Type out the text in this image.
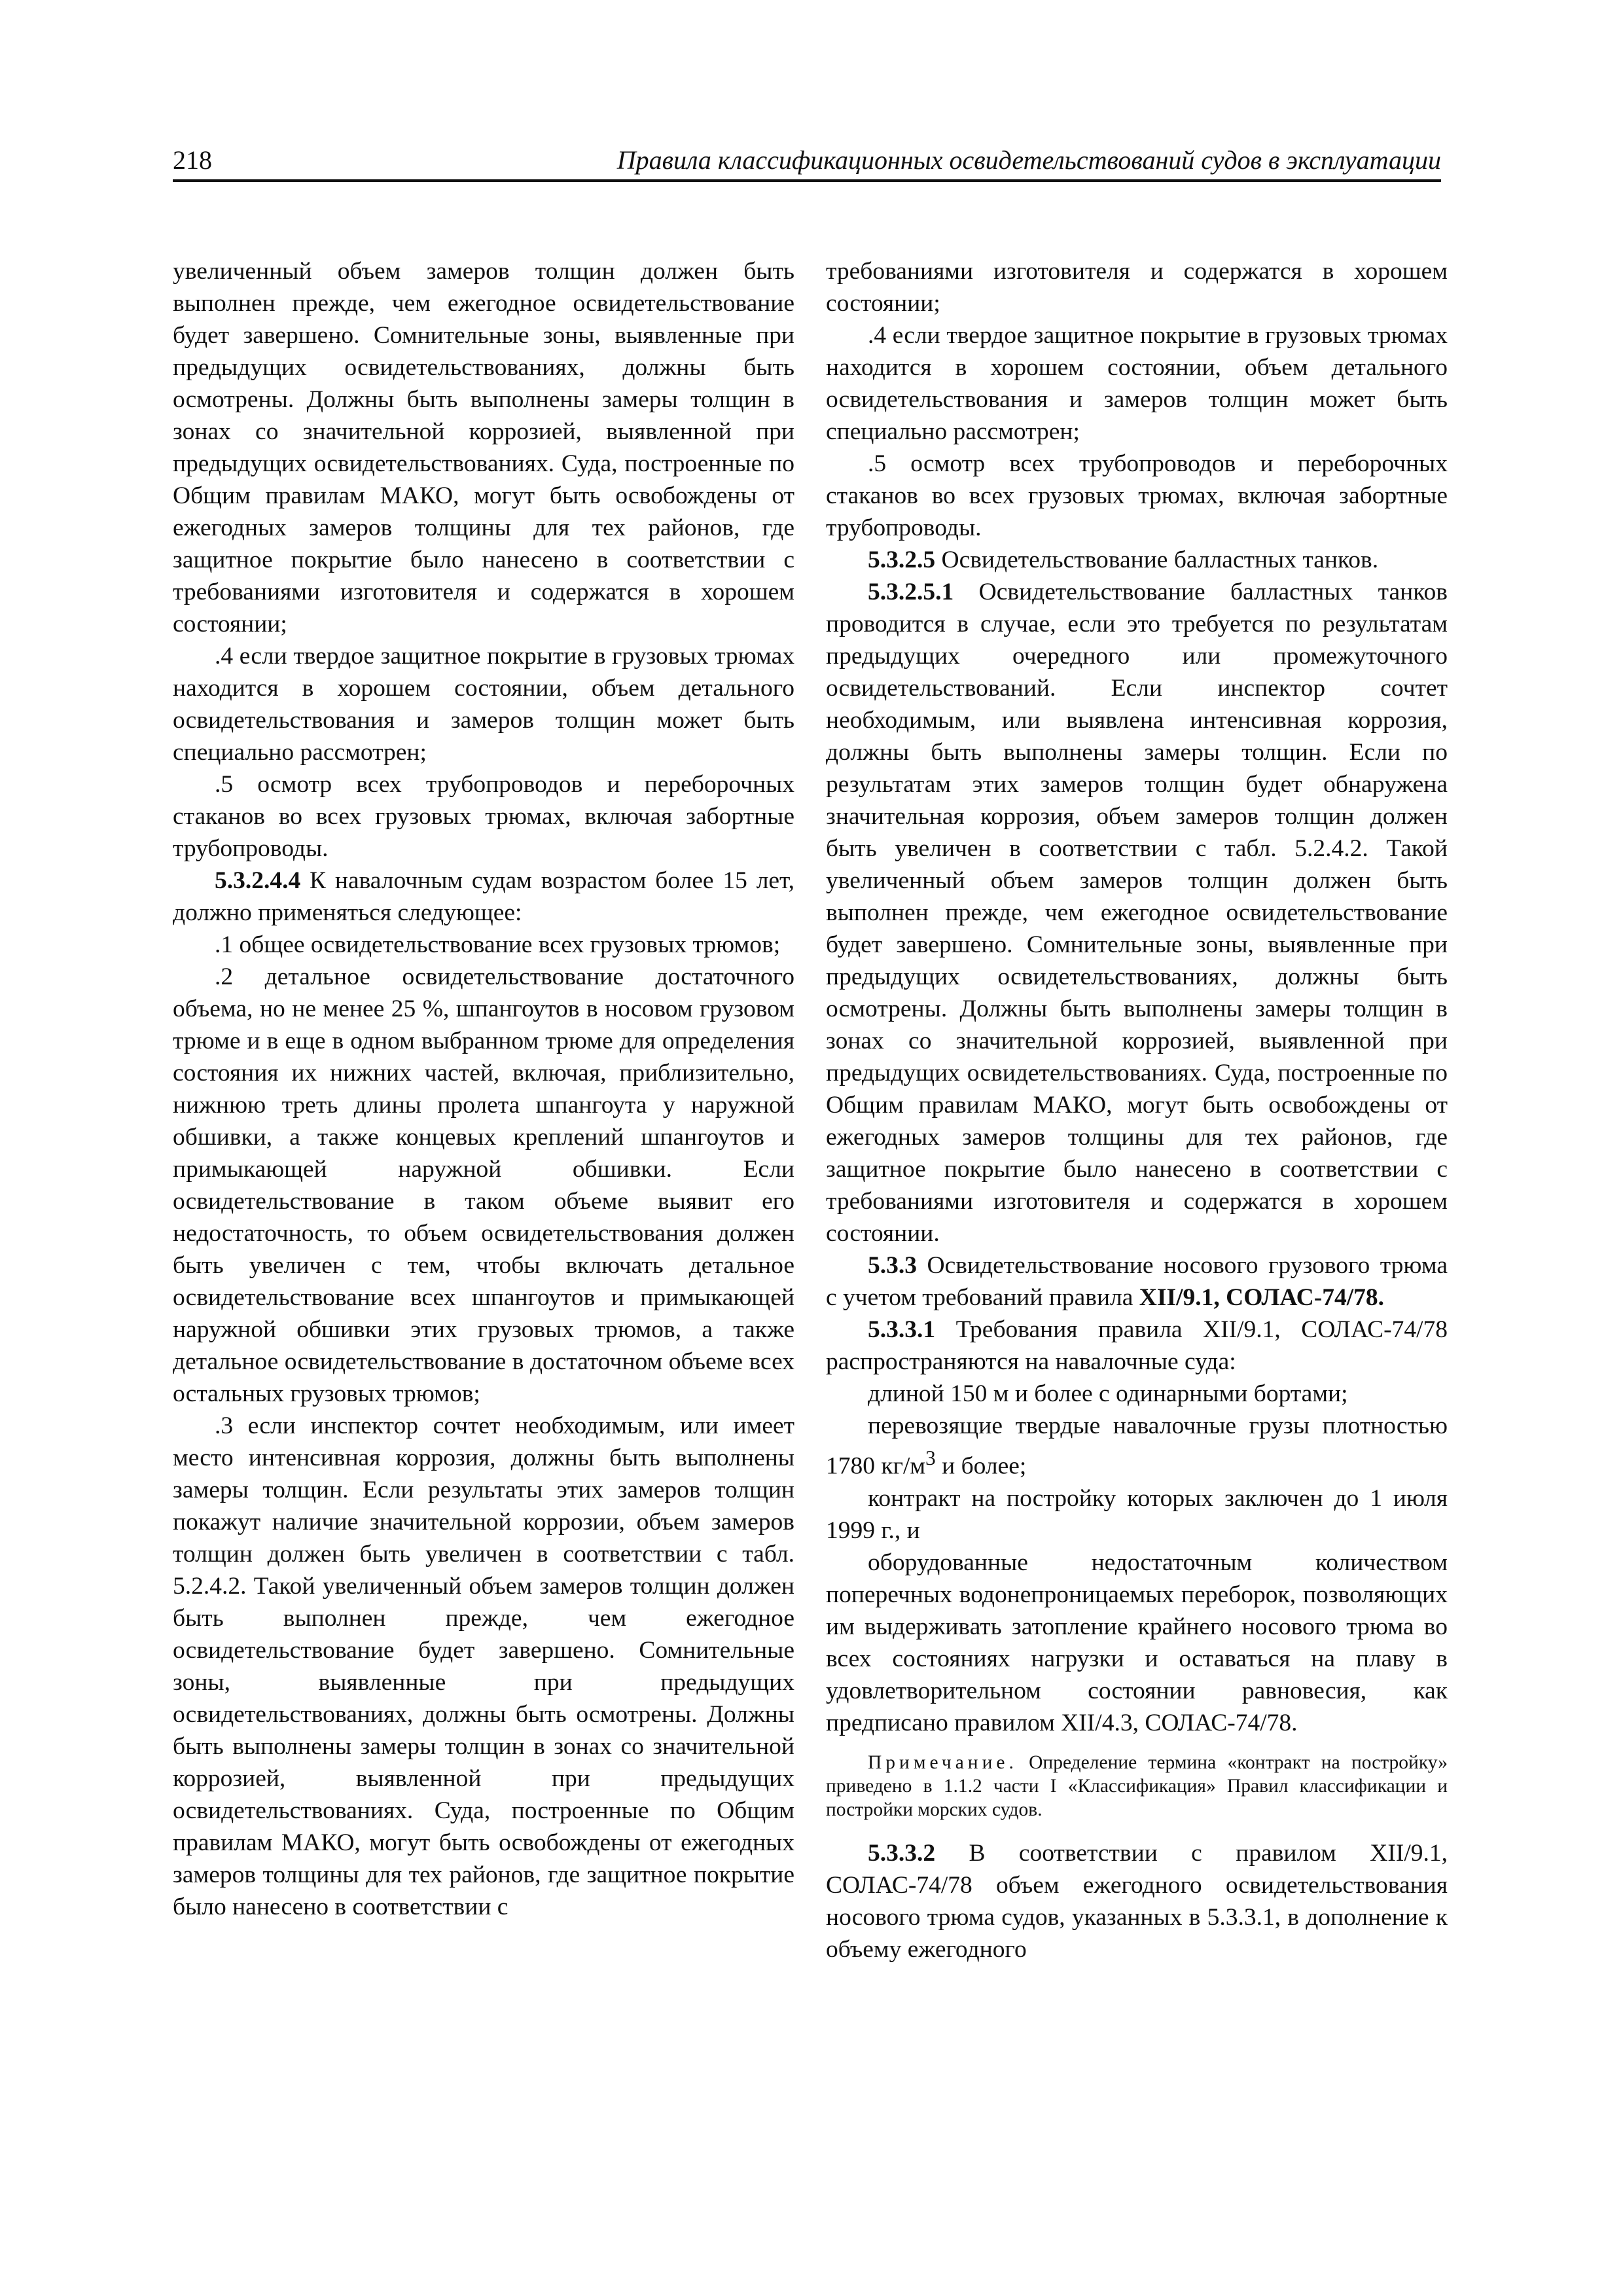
218	Правила классификационных освидетельствований судов в эксплуатации

увеличенный объем замеров толщин должен быть выполнен прежде, чем ежегодное освидетельствование будет завершено. Сомнительные зоны, выявленные при предыдущих освидетельствованиях, должны быть осмотрены. Должны быть выполнены замеры толщин в зонах со значительной коррозией, выявленной при предыдущих освидетельствованиях. Суда, построенные по Общим правилам МАКО, могут быть освобождены от ежегодных замеров толщины для тех районов, где защитное покрытие было нанесено в соответствии с требованиями изготовителя и содержатся в хорошем состоянии;

.4 если твердое защитное покрытие в грузовых трюмах находится в хорошем состоянии, объем детального освидетельствования и замеров толщин может быть специально рассмотрен;

.5 осмотр всех трубопроводов и переборочных стаканов во всех грузовых трюмах, включая забортные трубопроводы.

5.3.2.4.4 К навалочным судам возрастом более 15 лет, должно применяться следующее:

.1 общее освидетельствование всех грузовых трюмов;

.2 детальное освидетельствование достаточного объема, но не менее 25 %, шпангоутов в носовом грузовом трюме и в еще в одном выбранном трюме для определения состояния их нижних частей, включая, приблизительно, нижнюю треть длины пролета шпангоута у наружной обшивки, а также концевых креплений шпангоутов и примыкающей наружной обшивки. Если освидетельствование в таком объеме выявит его недостаточность, то объем освидетельствования должен быть увеличен с тем, чтобы включать детальное освидетельствование всех шпангоутов и примыкающей наружной обшивки этих грузовых трюмов, а также детальное освидетельствование в достаточном объеме всех остальных грузовых трюмов;

.3 если инспектор сочтет необходимым, или имеет место интенсивная коррозия, должны быть выполнены замеры толщин. Если результаты этих замеров толщин покажут наличие значительной коррозии, объем замеров толщин должен быть увеличен в соответствии с табл. 5.2.4.2. Такой увеличенный объем замеров толщин должен быть выполнен прежде, чем ежегодное освидетельствование будет завершено. Сомнительные зоны, выявленные при предыдущих освидетельствованиях, должны быть осмотрены. Должны быть выполнены замеры толщин в зонах со значительной коррозией, выявленной при предыдущих освидетельствованиях. Суда, построенные по Общим правилам МАКО, могут быть освобождены от ежегодных замеров толщины для тех районов, где защитное покрытие было нанесено в соответствии с

требованиями изготовителя и содержатся в хорошем состоянии;

.4 если твердое защитное покрытие в грузовых трюмах находится в хорошем состоянии, объем детального освидетельствования и замеров толщин может быть специально рассмотрен;

.5 осмотр всех трубопроводов и переборочных стаканов во всех грузовых трюмах, включая забортные трубопроводы.

5.3.2.5 Освидетельствование балластных танков.

5.3.2.5.1 Освидетельствование балластных танков проводится в случае, если это требуется по результатам предыдущих очередного или промежуточного освидетельствований. Если инспектор сочтет необходимым, или выявлена интенсивная коррозия, должны быть выполнены замеры толщин. Если по результатам этих замеров толщин будет обнаружена значительная коррозия, объем замеров толщин должен быть увеличен в соответствии с табл. 5.2.4.2. Такой увеличенный объем замеров толщин должен быть выполнен прежде, чем ежегодное освидетельствование будет завершено. Сомнительные зоны, выявленные при предыдущих освидетельствованиях, должны быть осмотрены. Должны быть выполнены замеры толщин в зонах со значительной коррозией, выявленной при предыдущих освидетельствованиях. Суда, построенные по Общим правилам МАКО, могут быть освобождены от ежегодных замеров толщины для тех районов, где защитное покрытие было нанесено в соответствии с требованиями изготовителя и содержатся в хорошем состоянии.

5.3.3 Освидетельствование носового грузового трюма с учетом требований правила XII/9.1, СОЛАС-74/78.

5.3.3.1 Требования правила XII/9.1, СОЛАС-74/78 распространяются на навалочные суда:

длиной 150 м и более с одинарными бортами;

перевозящие твердые навалочные грузы плотностью 1780 $кг/м^3$ и более;

контракт на постройку которых заключен до 1 июля 1999 г., и

оборудованные недостаточным количеством поперечных водонепроницаемых переборок, позволяющих им выдерживать затопление крайнего носового трюма во всех состояниях нагрузки и оставаться на плаву в удовлетворительном состоянии равновесия, как предписано правилом XII/4.3, СОЛАС-74/78.

Примечание. Определение термина «контракт на постройку» приведено в 1.1.2 части I «Классификация» Правил классификации и постройки морских судов.

5.3.3.2 В соответствии с правилом XII/9.1, СОЛАС-74/78 объем ежегодного освидетельствования носового трюма судов, указанных в 5.3.3.1, в дополнение к объему ежегодного
